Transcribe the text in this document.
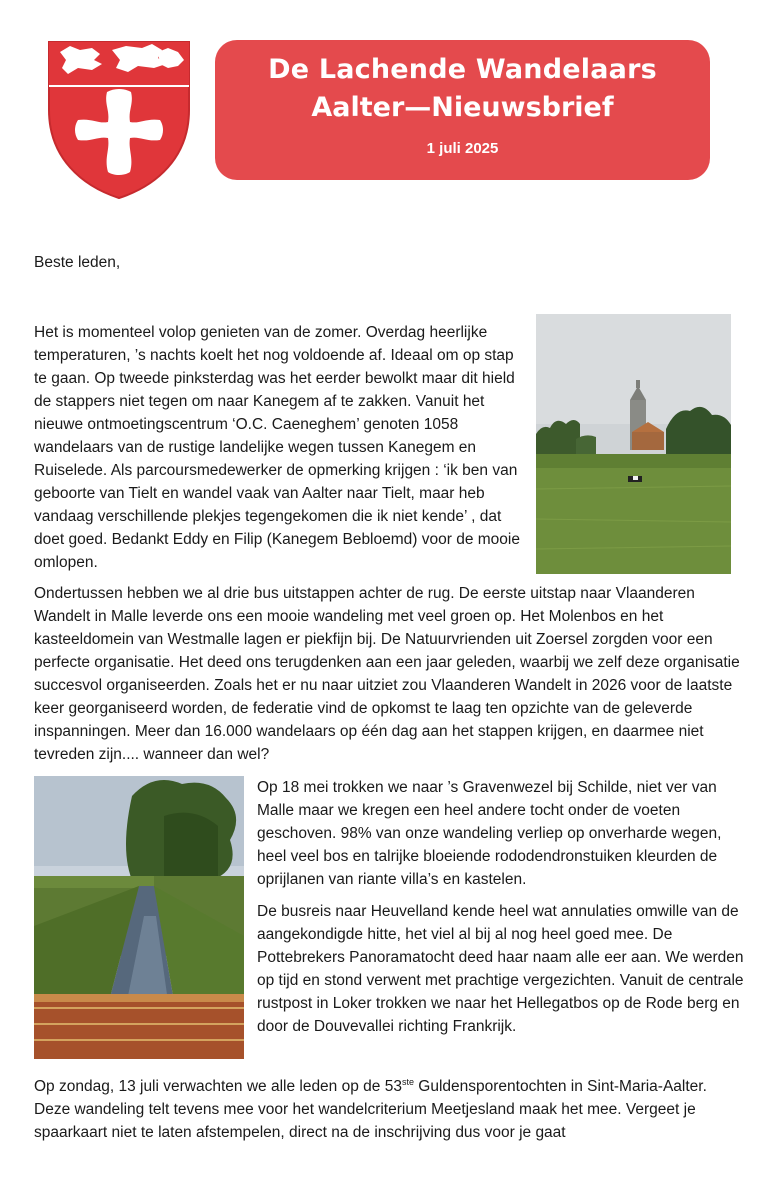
De Lachende Wandelaars
Aalter—Nieuwsbrief
1 juli 2025
Beste leden,

Het is momenteel volop genieten van de zomer. Overdag heerlijke temperaturen, ’s nachts koelt het nog voldoende af. Ideaal om op stap te gaan. Op tweede pinksterdag was het eerder bewolkt maar dit hield de stappers niet tegen om naar Kanegem af te zakken. Vanuit het nieuwe ontmoetingscentrum ‘O.C. Caeneghem’ genoten 1058 wandelaars van de rustige landelijke wegen tussen Kanegem en Ruiselede. Als parcoursmedewerker de opmerking krijgen : ‘ik ben van geboorte van Tielt en wandel vaak van Aalter naar Tielt, maar heb vandaag verschillende plekjes tegengekomen die ik niet kende’ , dat doet goed. Bedankt Eddy en Filip (Kanegem Bebloemd) voor de mooie omlopen.

Ondertussen hebben we al drie bus uitstappen achter de rug. De eerste uitstap naar Vlaanderen Wandelt in Malle leverde ons een mooie wandeling met veel groen op. Het Molenbos en het kasteeldomein van Westmalle lagen er piekfijn bij. De Natuurvrienden uit Zoersel zorgden voor een perfecte organisatie. Het deed ons terugdenken aan een jaar geleden, waarbij we zelf deze organisatie succesvol organiseerden. Zoals het er nu naar uitziet zou Vlaanderen Wandelt in 2026 voor de laatste keer georganiseerd worden, de federatie vind de opkomst te laag ten opzichte van de geleverde inspanningen. Meer dan 16.000 wandelaars op één dag aan het stappen krijgen, en daarmee niet tevreden zijn.... wanneer dan wel?

Op 18 mei trokken we naar ’s Gravenwezel bij Schilde, niet ver van Malle maar we kregen een heel andere tocht onder de voeten geschoven. 98% van onze wandeling verliep op onverharde wegen, heel veel bos en talrijke bloeiende rododendronstuiken kleurden de oprijlanen van riante villa’s en kastelen.

De busreis naar Heuvelland kende heel wat annulaties omwille van de aangekondigde hitte, het viel al bij al nog heel goed mee. De Pottebrekers Panoramatocht deed haar naam alle eer aan. We werden op tijd en stond verwent met prachtige vergezichten. Vanuit de centrale rustpost in Loker trokken we naar het Hellegatbos op de Rode berg en door de Douvevallei richting Frankrijk.

Op zondag, 13 juli verwachten we alle leden op de 53ste Guldensporentochten in Sint-Maria-Aalter. Deze wandeling telt tevens mee voor het wandelcriterium Meetjesland maak het mee. Vergeet je spaarkaart niet te laten afstempelen, direct na de inschrijving dus voor je gaat
